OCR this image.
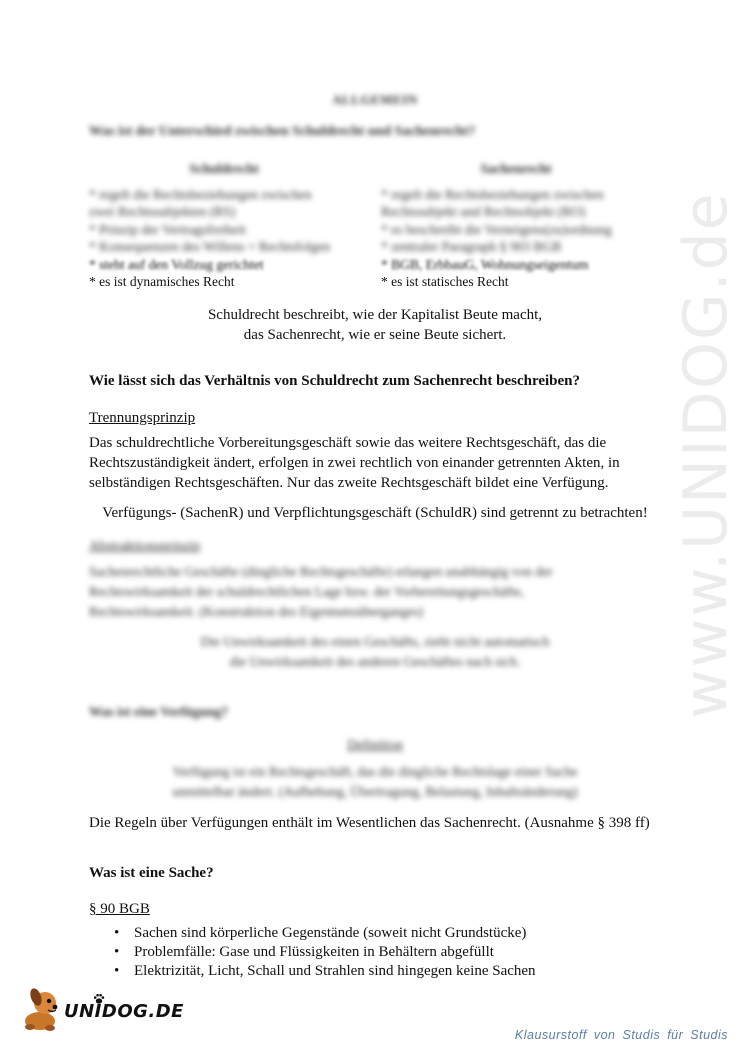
www.UNIDOG.de
ALLGEMEIN
Was ist der Unterschied zwischen Schuldrecht und Sachenrecht?
Schuldrecht
* regelt die Rechtsbeziehungen zwischen
zwei Rechtssubjekten (RS)
* Prinzip der Vertragsfreiheit
* Konsequenzen des Willens = Rechtsfolgen
* steht auf den Vollzug gerichtet
* es ist dynamisches Recht
Sachenrecht
* regelt die Rechtsbeziehungen zwischen
Rechtssubjekt und Rechtsobjekt (RO)
* es beschreibt die Vermögens(zu)ordnung
* zentraler Paragraph § 903 BGB
* BGB, ErbbauG, Wohnungseigentum
* es ist statisches Recht
Schuldrecht beschreibt, wie der Kapitalist Beute macht,
das Sachenrecht, wie er seine Beute sichert.
Wie lässt sich das Verhältnis von Schuldrecht zum Sachenrecht beschreiben?
Trennungsprinzip
Das schuldrechtliche Vorbereitungsgeschäft sowie das weitere Rechtsgeschäft, das die
Rechtszuständigkeit ändert, erfolgen in zwei rechtlich von einander getrennten Akten, in
selbständigen Rechtsgeschäften. Nur das zweite Rechtsgeschäft bildet eine Verfügung.
Verfügungs- (SachenR) und Verpflichtungsgeschäft (SchuldR) sind getrennt zu betrachten!
Abstraktionsprinzip
Sachenrechtliche Geschäfte (dingliche Rechtsgeschäfte) erlangen unabhängig von der
Rechtswirksamkeit der schuldrechtlichen Lage bzw. der Vorbereitungsgeschäfte,
Rechtswirksamkeit. (Konstruktion des Eigentumsüberganges)
Die Unwirksamkeit des einen Geschäfts, zieht nicht automatisch
die Unwirksamkeit des anderen Geschäftes nach sich.
Was ist eine Verfügung?
Definition
Verfügung ist ein Rechtsgeschäft, das die dingliche Rechtslage einer Sache
unmittelbar ändert. (Aufhebung, Übertragung, Belastung, Inhaltsänderung)
Die Regeln über Verfügungen enthält im Wesentlichen das Sachenrecht. (Ausnahme § 398 ff)
Was ist eine Sache?
§ 90 BGB
• Sachen sind körperliche Gegenstände (soweit nicht Grundstücke)
• Problemfälle: Gase und Flüssigkeiten in Behältern abgefüllt
• Elektrizität, Licht, Schall und Strahlen sind hingegen keine Sachen
UNIDOG.DE
Klausurstoff von Studis für Studis
